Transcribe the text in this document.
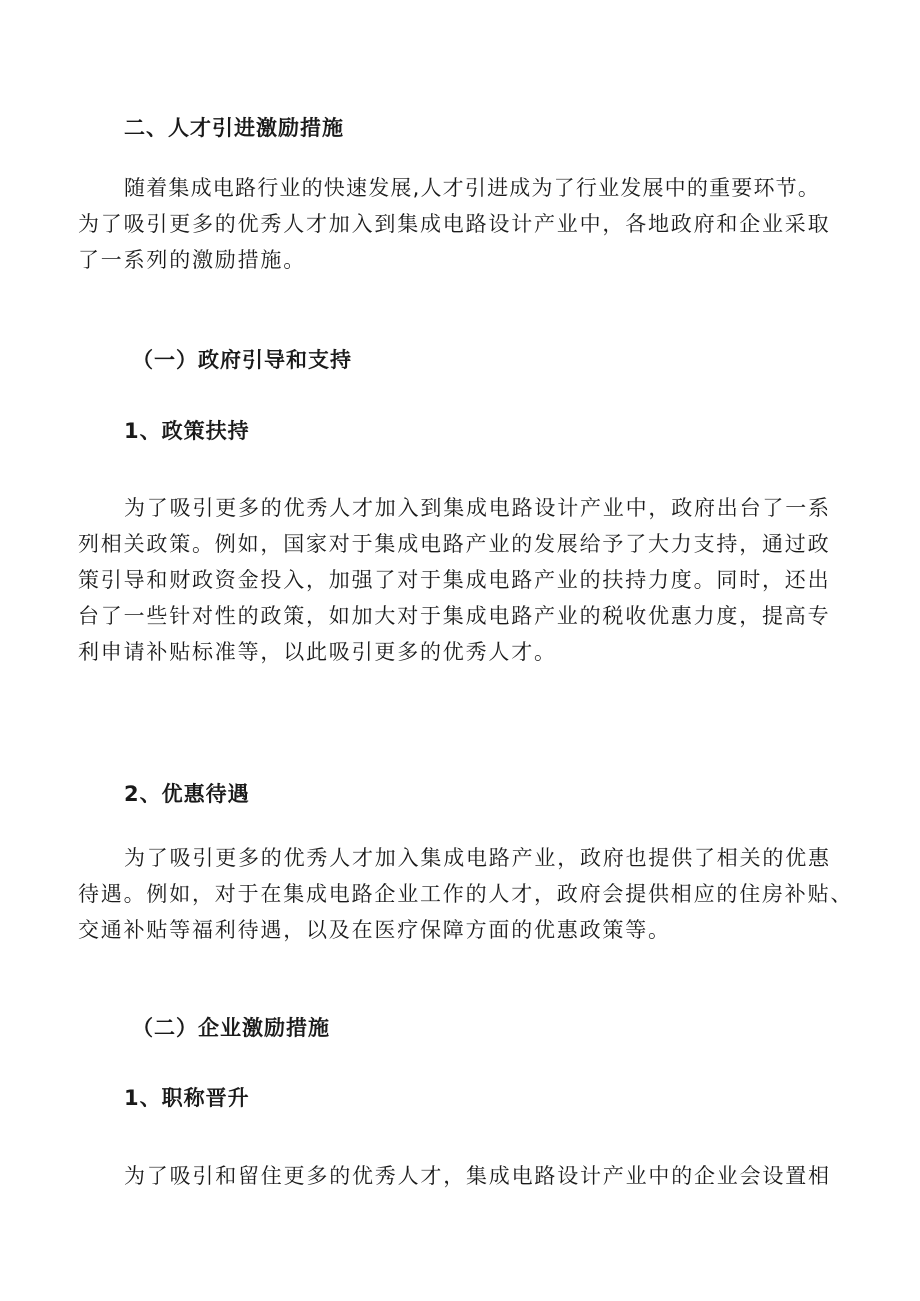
二、人才引进激励措施
随着集成电路行业的快速发展,人才引进成为了行业发展中的重要环节。
为了吸引更多的优秀人才加入到集成电路设计产业中，各地政府和企业采取
了一系列的激励措施。
（一）政府引导和支持
1、政策扶持
为了吸引更多的优秀人才加入到集成电路设计产业中，政府出台了一系
列相关政策。例如，国家对于集成电路产业的发展给予了大力支持，通过政
策引导和财政资金投入，加强了对于集成电路产业的扶持力度。同时，还出
台了一些针对性的政策，如加大对于集成电路产业的税收优惠力度，提高专
利申请补贴标准等，以此吸引更多的优秀人才。
2、优惠待遇
为了吸引更多的优秀人才加入集成电路产业，政府也提供了相关的优惠
待遇。例如，对于在集成电路企业工作的人才，政府会提供相应的住房补贴、
交通补贴等福利待遇，以及在医疗保障方面的优惠政策等。
（二）企业激励措施
1、职称晋升
为了吸引和留住更多的优秀人才，集成电路设计产业中的企业会设置相
